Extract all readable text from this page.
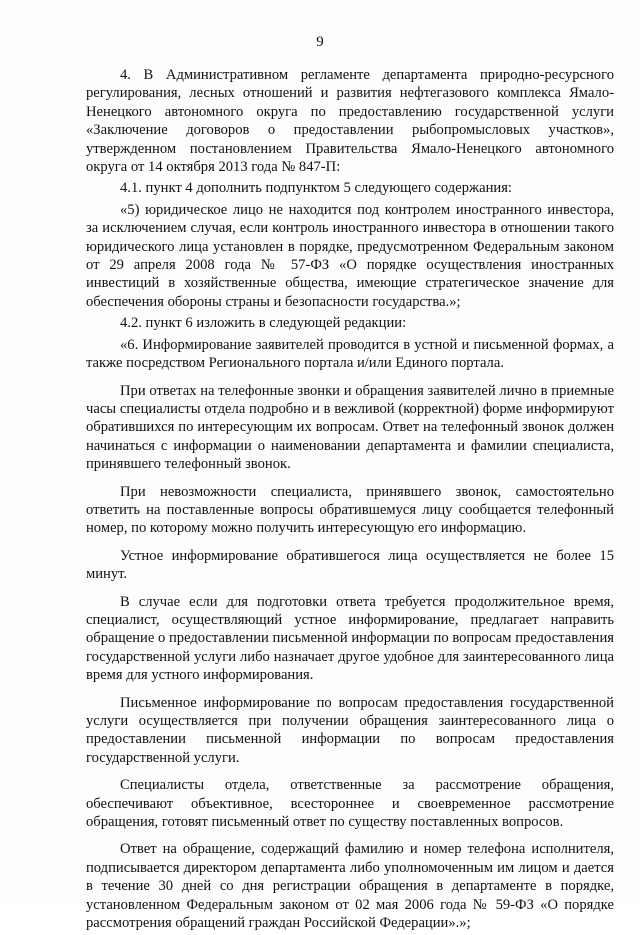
9

4. В Административном регламенте департамента природно-ресурсного регулирования, лесных отношений и развития нефтегазового комплекса Ямало-Ненецкого автономного округа по предоставлению государственной услуги «Заключение договоров о предоставлении рыбопромысловых участков», утвержденном постановлением Правительства Ямало-Ненецкого автономного округа от 14 октября 2013 года № 847-П:

4.1. пункт 4 дополнить подпунктом 5 следующего содержания:

«5) юридическое лицо не находится под контролем иностранного инвестора, за исключением случая, если контроль иностранного инвестора в отношении такого юридического лица установлен в порядке, предусмотренном Федеральным законом от 29 апреля 2008 года № 57-ФЗ «О порядке осуществления иностранных инвестиций в хозяйственные общества, имеющие стратегическое значение для обеспечения обороны страны и безопасности государства.»;

4.2. пункт 6 изложить в следующей редакции:

«6. Информирование заявителей проводится в устной и письменной формах, а также посредством Регионального портала и/или Единого портала.

При ответах на телефонные звонки и обращения заявителей лично в приемные часы специалисты отдела подробно и в вежливой (корректной) форме информируют обратившихся по интересующим их вопросам. Ответ на телефонный звонок должен начинаться с информации о наименовании департамента и фамилии специалиста, принявшего телефонный звонок.

При невозможности специалиста, принявшего звонок, самостоятельно ответить на поставленные вопросы обратившемуся лицу сообщается телефонный номер, по которому можно получить интересующую его информацию.

Устное информирование обратившегося лица осуществляется не более 15 минут.

В случае если для подготовки ответа требуется продолжительное время, специалист, осуществляющий устное информирование, предлагает направить обращение о предоставлении письменной информации по вопросам предоставления государственной услуги либо назначает другое удобное для заинтересованного лица время для устного информирования.

Письменное информирование по вопросам предоставления государственной услуги осуществляется при получении обращения заинтересованного лица о предоставлении письменной информации по вопросам предоставления государственной услуги.

Специалисты отдела, ответственные за рассмотрение обращения, обеспечивают объективное, всестороннее и своевременное рассмотрение обращения, готовят письменный ответ по существу поставленных вопросов.

Ответ на обращение, содержащий фамилию и номер телефона исполнителя, подписывается директором департамента либо уполномоченным им лицом и дается в течение 30 дней со дня регистрации обращения в департаменте в порядке, установленном Федеральным законом от 02 мая 2006 года № 59-ФЗ «О порядке рассмотрения обращений граждан Российской Федерации».»;
